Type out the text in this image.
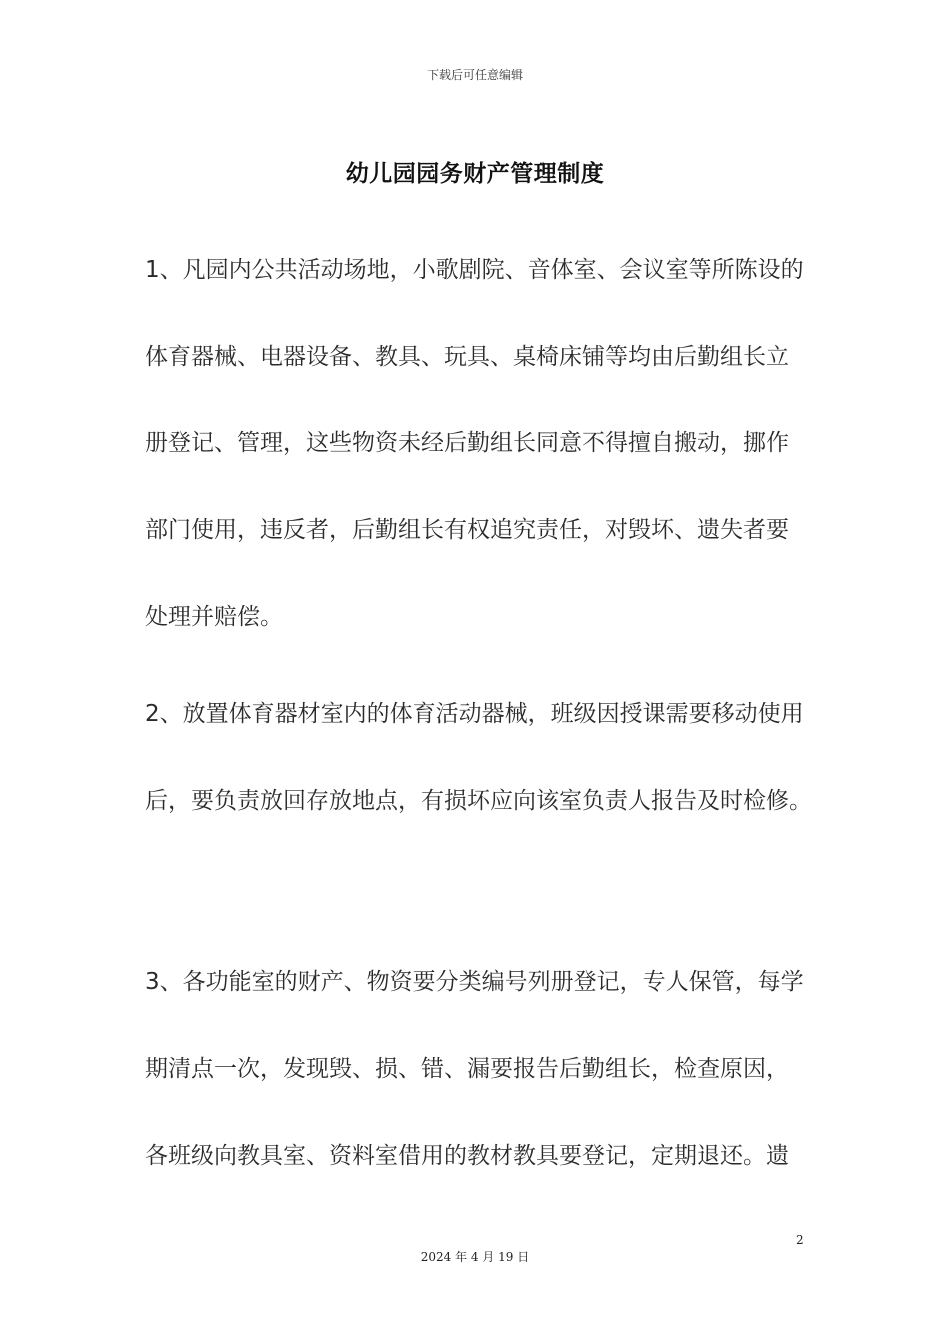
下载后可任意编辑
幼儿园园务财产管理制度
1、凡园内公共活动场地，小歌剧院、音体室、会议室等所陈设的
体育器械、电器设备、教具、玩具、桌椅床铺等均由后勤组长立
册登记、管理，这些物资未经后勤组长同意不得擅自搬动，挪作
部门使用，违反者，后勤组长有权追究责任，对毁坏、遗失者要
处理并赔偿。
2、放置体育器材室内的体育活动器械，班级因授课需要移动使用
后，要负责放回存放地点，有损坏应向该室负责人报告及时检修。
3、各功能室的财产、物资要分类编号列册登记，专人保管，每学
期清点一次，发现毁、损、错、漏要报告后勤组长，检查原因，
各班级向教具室、资料室借用的教材教具要登记，定期退还。遗
2
2024 年 4 月 19 日
